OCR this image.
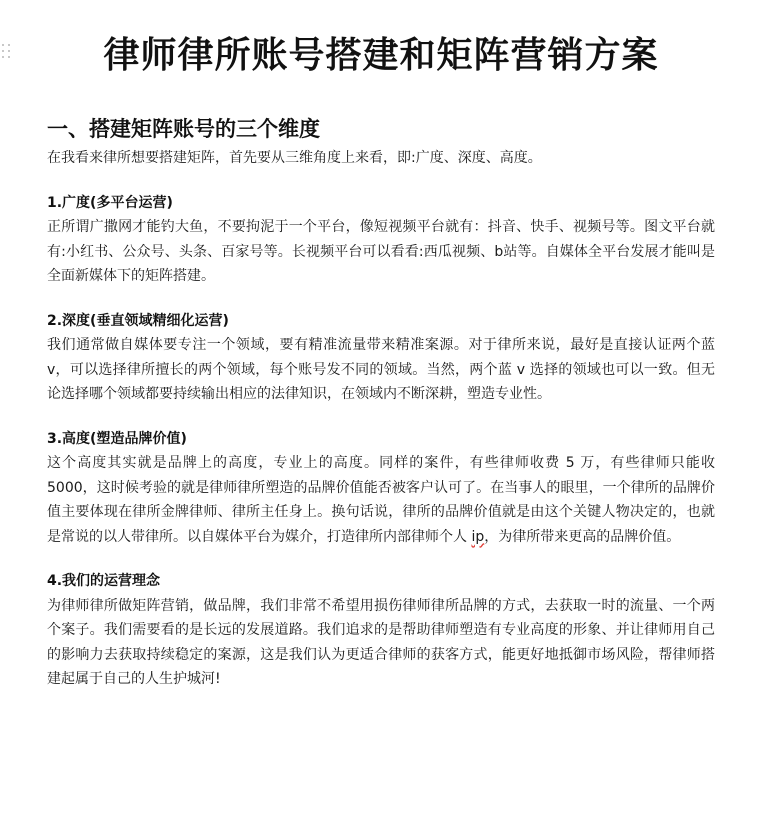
律师律所账号搭建和矩阵营销方案
一、搭建矩阵账号的三个维度

在我看来律所想要搭建矩阵，首先要从三维角度上来看，即:广度、深度、高度。

1.广度(多平台运营)

正所谓广撒网才能钓大鱼，不要拘泥于一个平台，像短视频平台就有：抖音、快手、视频号等。图文平台就有:小红书、公众号、头条、百家号等。长视频平台可以看看:西瓜视频、b站等。自媒体全平台发展才能叫是全面新媒体下的矩阵搭建。

2.深度(垂直领域精细化运营)

我们通常做自媒体要专注一个领域，要有精准流量带来精准案源。对于律所来说，最好是直接认证两个蓝 v，可以选择律所擅长的两个领域，每个账号发不同的领域。当然，两个蓝 v 选择的领域也可以一致。但无论选择哪个领域都要持续输出相应的法律知识，在领域内不断深耕，塑造专业性。

3.高度(塑造品牌价值)

这个高度其实就是品牌上的高度，专业上的高度。同样的案件，有些律师收费 5 万，有些律师只能收 5000，这时候考验的就是律师律所塑造的品牌价值能否被客户认可了。在当事人的眼里，一个律所的品牌价值主要体现在律所金牌律师、律所主任身上。换句话说，律所的品牌价值就是由这个关键人物决定的，也就是常说的以人带律所。以自媒体平台为媒介，打造律所内部律师个人 ip，为律所带来更高的品牌价值。

4.我们的运营理念

为律师律所做矩阵营销，做品牌，我们非常不希望用损伤律师律所品牌的方式，去获取一时的流量、一个两个案子。我们需要看的是长远的发展道路。我们追求的是帮助律师塑造有专业高度的形象、并让律师用自己的影响力去获取持续稳定的案源，这是我们认为更适合律师的获客方式，能更好地抵御市场风险，帮律师搭建起属于自己的人生护城河!
